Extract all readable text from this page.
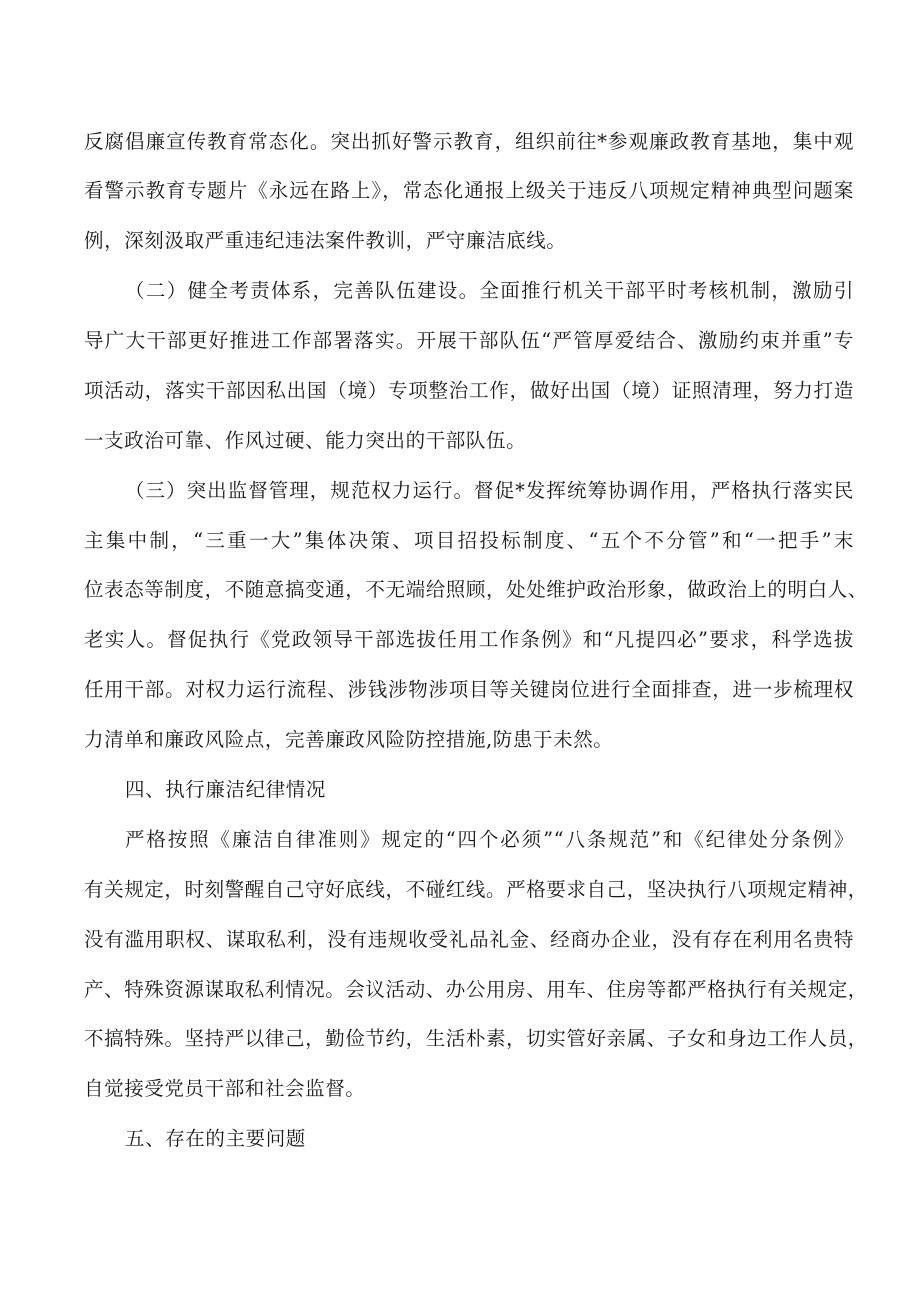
反腐倡廉宣传教育常态化。突出抓好警示教育，组织前往*参观廉政教育基地，集中观
看警示教育专题片《永远在路上》，常态化通报上级关于违反八项规定精神典型问题案
例，深刻汲取严重违纪违法案件教训，严守廉洁底线。
（二）健全考责体系，完善队伍建设。全面推行机关干部平时考核机制，激励引
导广大干部更好推进工作部署落实。开展干部队伍“严管厚爱结合、激励约束并重”专
项活动，落实干部因私出国（境）专项整治工作，做好出国（境）证照清理，努力打造
一支政治可靠、作风过硬、能力突出的干部队伍。
（三）突出监督管理，规范权力运行。督促*发挥统筹协调作用，严格执行落实民
主集中制，“三重一大”集体决策、项目招投标制度、“五个不分管”和“一把手”末
位表态等制度，不随意搞变通，不无端给照顾，处处维护政治形象，做政治上的明白人、
老实人。督促执行《党政领导干部选拔任用工作条例》和“凡提四必”要求，科学选拔
任用干部。对权力运行流程、涉钱涉物涉项目等关键岗位进行全面排查，进一步梳理权
力清单和廉政风险点，完善廉政风险防控措施,防患于未然。
四、执行廉洁纪律情况
严格按照《廉洁自律准则》规定的“四个必须”“八条规范”和《纪律处分条例》
有关规定，时刻警醒自己守好底线，不碰红线。严格要求自己，坚决执行八项规定精神，
没有滥用职权、谋取私利，没有违规收受礼品礼金、经商办企业，没有存在利用名贵特
产、特殊资源谋取私利情况。会议活动、办公用房、用车、住房等都严格执行有关规定，
不搞特殊。坚持严以律己，勤俭节约，生活朴素，切实管好亲属、子女和身边工作人员，
自觉接受党员干部和社会监督。
五、存在的主要问题
